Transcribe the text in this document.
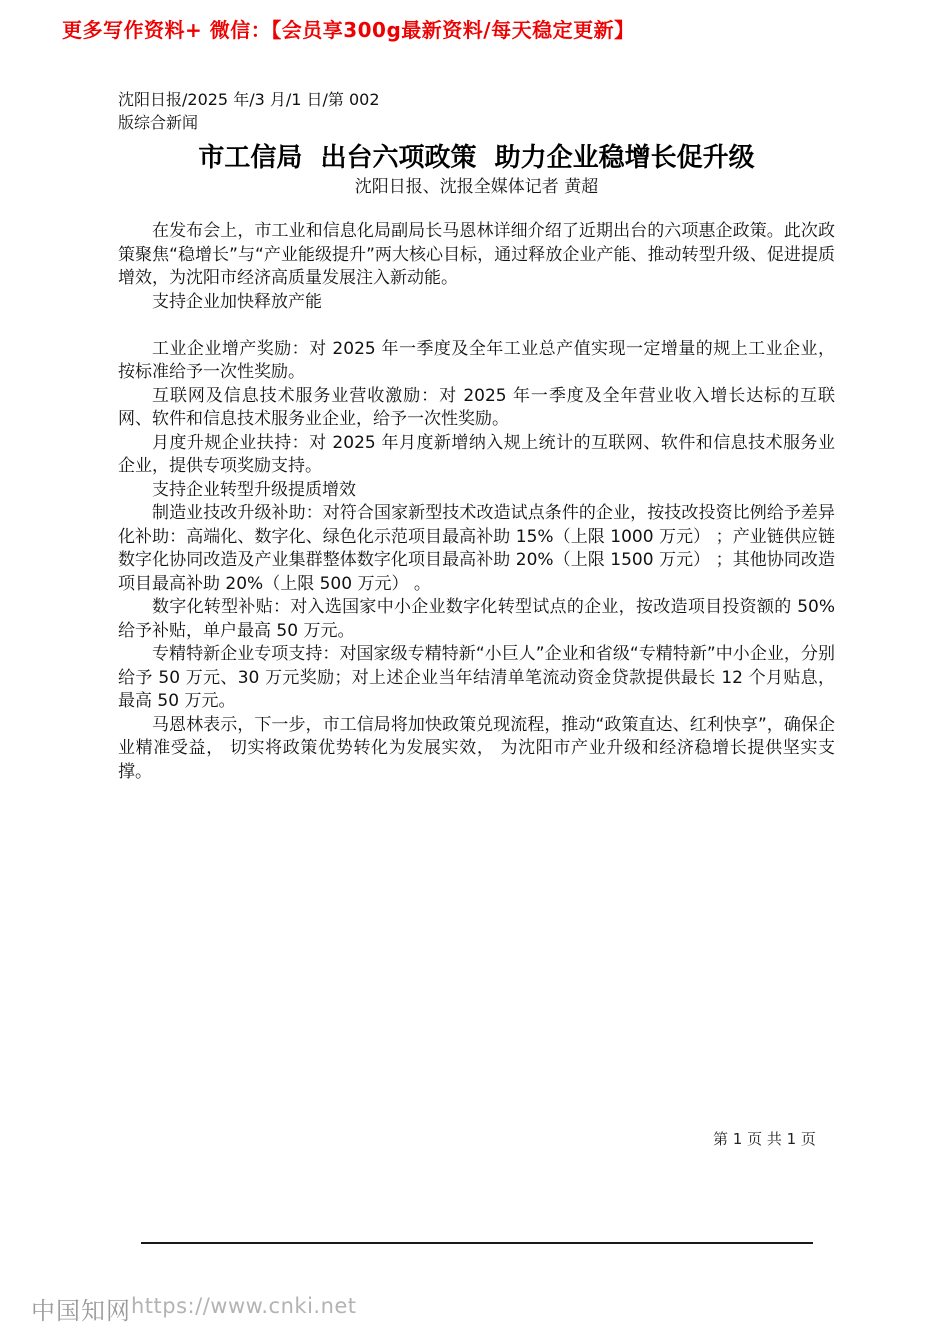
更多写作资料+ 微信：【会员享300g最新资料/每天稳定更新】
沈阳日报/2025 年/3 月/1 日/第 002
版综合新闻
市工信局  出台六项政策  助力企业稳增长促升级
沈阳日报、沈报全媒体记者 黄超

在发布会上，市工业和信息化局副局长马恩林详细介绍了近期出台的六项惠企政策。此次政策聚焦“稳增长”与“产业能级提升”两大核心目标，通过释放企业产能、推动转型升级、促进提质增效，为沈阳市经济高质量发展注入新动能。

支持企业加快释放产能

工业企业增产奖励：对 2025 年一季度及全年工业总产值实现一定增量的规上工业企业，按标准给予一次性奖励。

互联网及信息技术服务业营收激励：对 2025 年一季度及全年营业收入增长达标的互联网、软件和信息技术服务业企业，给予一次性奖励。

月度升规企业扶持：对 2025 年月度新增纳入规上统计的互联网、软件和信息技术服务业企业，提供专项奖励支持。

支持企业转型升级提质增效

制造业技改升级补助：对符合国家新型技术改造试点条件的企业，按技改投资比例给予差异化补助：高端化、数字化、绿色化示范项目最高补助 15%（上限 1000 万元） ；产业链供应链数字化协同改造及产业集群整体数字化项目最高补助 20%（上限 1500 万元） ；其他协同改造项目最高补助 20%（上限 500 万元） 。

数字化转型补贴：对入选国家中小企业数字化转型试点的企业，按改造项目投资额的 50%给予补贴，单户最高 50 万元。

专精特新企业专项支持：对国家级专精特新“小巨人”企业和省级“专精特新”中小企业，分别给予 50 万元、30 万元奖励；对上述企业当年结清单笔流动资金贷款提供最长 12 个月贴息，最高 50 万元。

马恩林表示，下一步，市工信局将加快政策兑现流程，推动“政策直达、红利快享”，确保企业精准受益， 切实将政策优势转化为发展实效， 为沈阳市产业升级和经济稳增长提供坚实支撑。

第 1 页 共 1 页
中国知网 https://www.cnki.net
